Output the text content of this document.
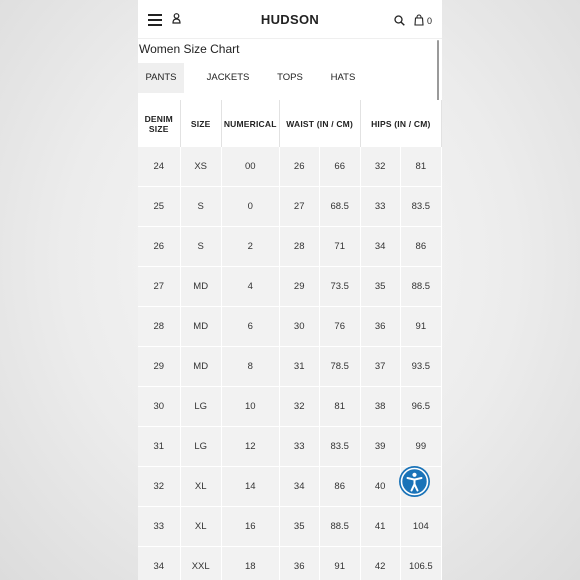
HUDSON	0
Women Size Chart
PANTS	JACKETS	TOPS	HATS
DENIM SIZE	SIZE	NUMERICAL	WAIST (IN / CM)		HIPS (IN / CM)	
24	XS	00	26	66	32	81
25	S	0	27	68.5	33	83.5
26	S	2	28	71	34	86
27	MD	4	29	73.5	35	88.5
28	MD	6	30	76	36	91
29	MD	8	31	78.5	37	93.5
30	LG	10	32	81	38	96.5
31	LG	12	33	83.5	39	99
32	XL	14	34	86	40	
33	XL	16	35	88.5	41	104
34	XXL	18	36	91	42	106.5
